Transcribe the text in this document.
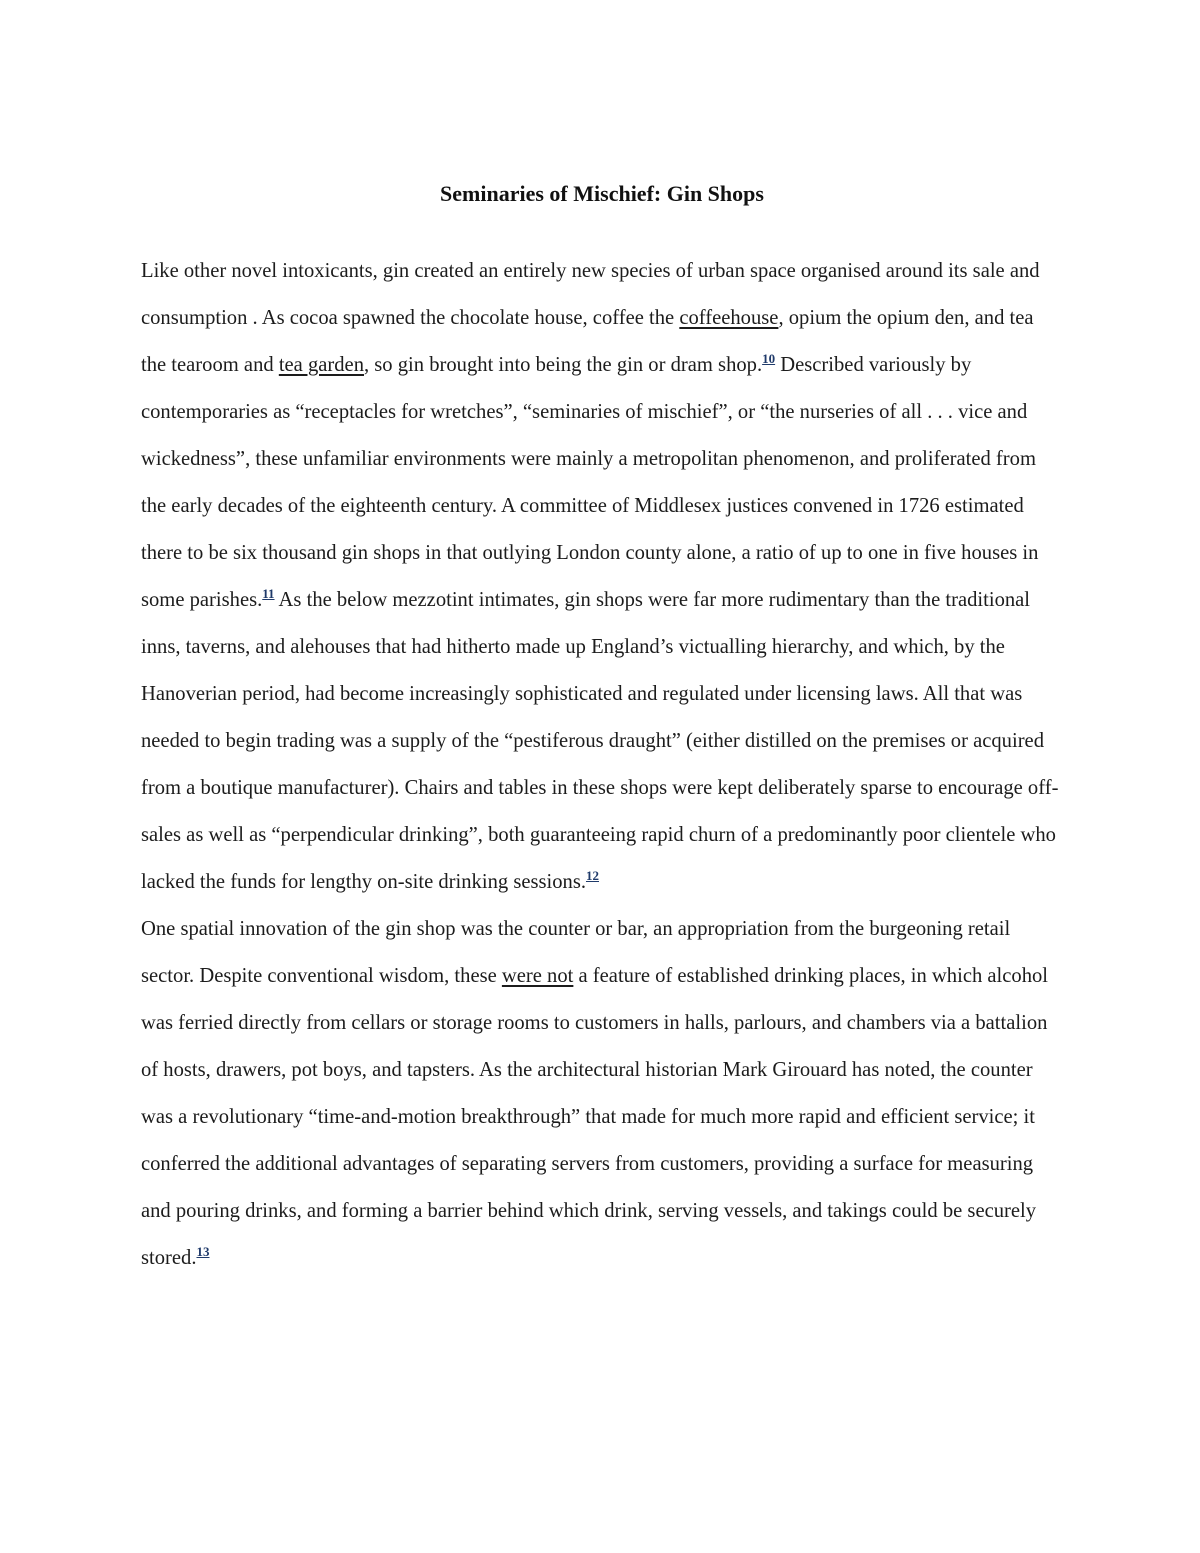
Seminaries of Mischief: Gin Shops

Like other novel intoxicants, gin created an entirely new species of urban space organised around its sale and consumption . As cocoa spawned the chocolate house, coffee the coffeehouse, opium the opium den, and tea the tearoom and tea garden, so gin brought into being the gin or dram shop.$^{10}$ Described variously by contemporaries as “receptacles for wretches”, “seminaries of mischief”, or “the nurseries of all . . . vice and wickedness”, these unfamiliar environments were mainly a metropolitan phenomenon, and proliferated from the early decades of the eighteenth century. A committee of Middlesex justices convened in 1726 estimated there to be six thousand gin shops in that outlying London county alone, a ratio of up to one in five houses in some parishes.$^{11}$ As the below mezzotint intimates, gin shops were far more rudimentary than the traditional inns, taverns, and alehouses that had hitherto made up England’s victualling hierarchy, and which, by the Hanoverian period, had become increasingly sophisticated and regulated under licensing laws. All that was needed to begin trading was a supply of the “pestiferous draught” (either distilled on the premises or acquired from a boutique manufacturer). Chairs and tables in these shops were kept deliberately sparse to encourage off-sales as well as “perpendicular drinking”, both guaranteeing rapid churn of a predominantly poor clientele who lacked the funds for lengthy on-site drinking sessions.$^{12}$

One spatial innovation of the gin shop was the counter or bar, an appropriation from the burgeoning retail sector. Despite conventional wisdom, these were not a feature of established drinking places, in which alcohol was ferried directly from cellars or storage rooms to customers in halls, parlours, and chambers via a battalion of hosts, drawers, pot boys, and tapsters. As the architectural historian Mark Girouard has noted, the counter was a revolutionary “time-and-motion breakthrough” that made for much more rapid and efficient service; it conferred the additional advantages of separating servers from customers, providing a surface for measuring and pouring drinks, and forming a barrier behind which drink, serving vessels, and takings could be securely stored.$^{13}$
